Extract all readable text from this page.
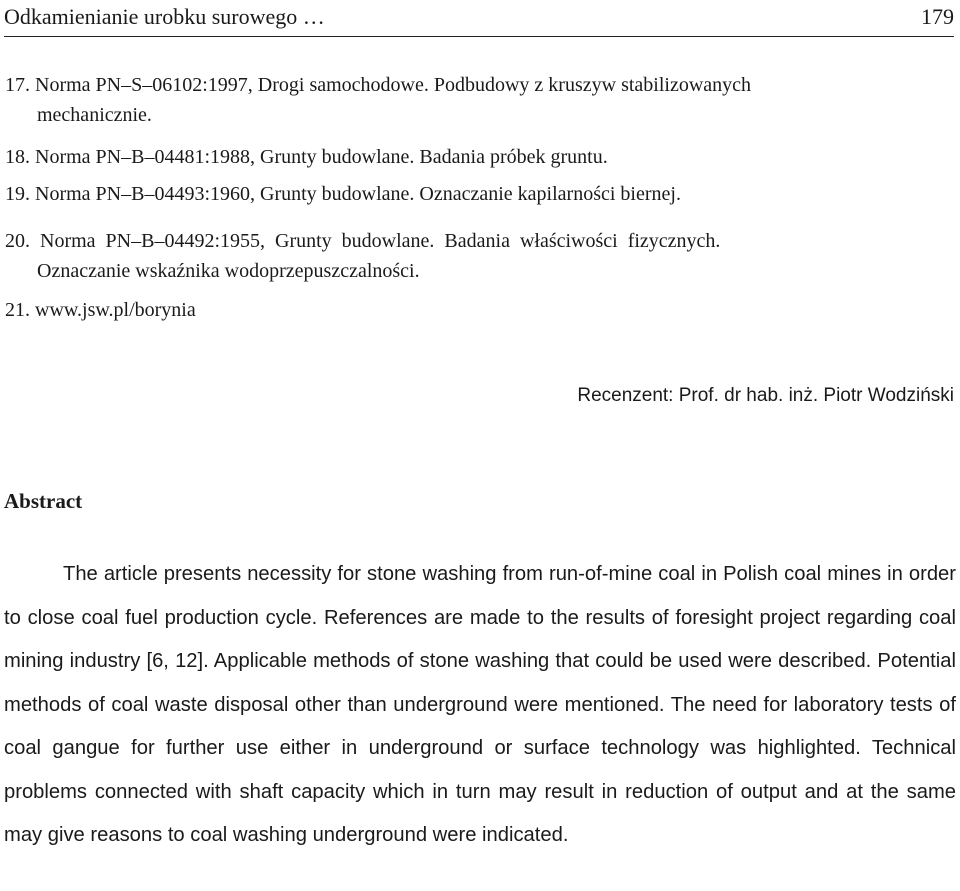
Odkamienianie urobku surowego …	179
17. Norma PN–S–06102:1997, Drogi samochodowe. Podbudowy z kruszyw stabilizowanych
mechanicznie.
18. Norma PN–B–04481:1988, Grunty budowlane. Badania próbek gruntu.
19. Norma PN–B–04493:1960, Grunty budowlane. Oznaczanie kapilarności biernej.
20. Norma PN–B–04492:1955, Grunty budowlane. Badania właściwości fizycznych.
Oznaczanie wskaźnika wodoprzepuszczalności.
21. www.jsw.pl/borynia
Recenzent: Prof. dr hab. inż. Piotr Wodziński
Abstract
The article presents necessity for stone washing from run-of-mine coal in Polish coal mines in order to close coal fuel production cycle. References are made to the results of foresight project regarding coal mining industry [6, 12]. Applicable methods of stone washing that could be used were described. Potential methods of coal waste disposal other than underground were mentioned. The need for laboratory tests of coal gangue for further use either in underground or surface technology was highlighted. Technical problems connected with shaft capacity which in turn may result in reduction of output and at the same may give reasons to coal washing underground were indicated.
